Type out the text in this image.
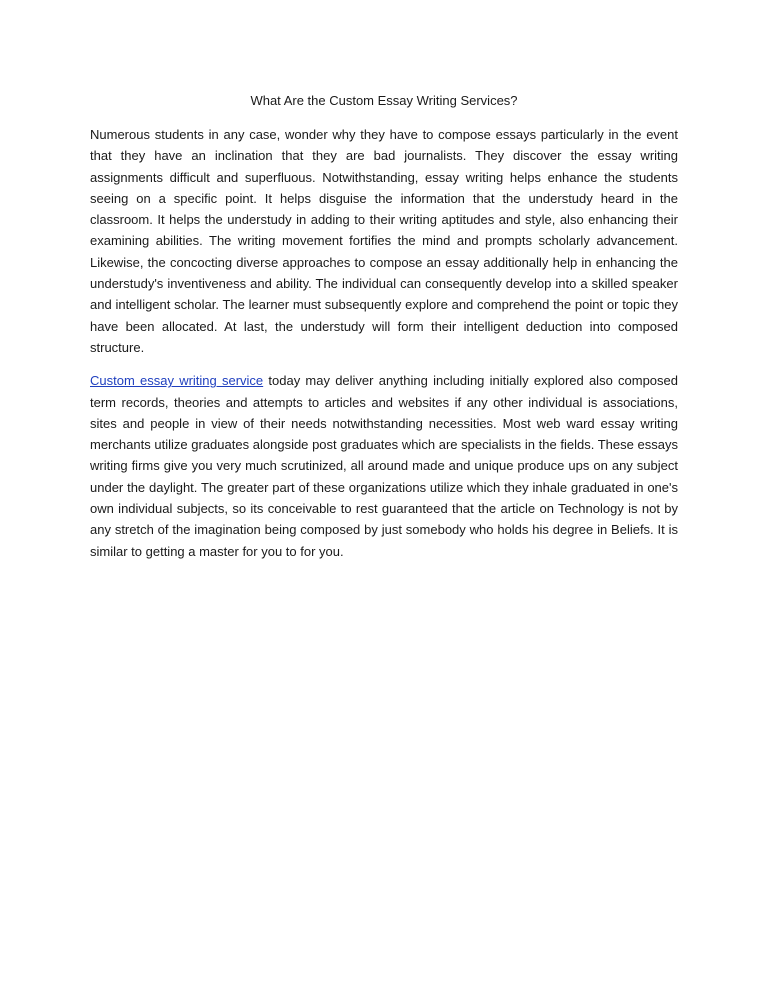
What Are the Custom Essay Writing Services?

Numerous students in any case, wonder why they have to compose essays particularly in the event that they have an inclination that they are bad journalists. They discover the essay writing assignments difficult and superfluous. Notwithstanding, essay writing helps enhance the students seeing on a specific point. It helps disguise the information that the understudy heard in the classroom. It helps the understudy in adding to their writing aptitudes and style, also enhancing their examining abilities. The writing movement fortifies the mind and prompts scholarly advancement. Likewise, the concocting diverse approaches to compose an essay additionally help in enhancing the understudy's inventiveness and ability. The individual can consequently develop into a skilled speaker and intelligent scholar. The learner must subsequently explore and comprehend the point or topic they have been allocated. At last, the understudy will form their intelligent deduction into composed structure.

Custom essay writing service today may deliver anything including initially explored also composed term records, theories and attempts to articles and websites if any other individual is associations, sites and people in view of their needs notwithstanding necessities. Most web ward essay writing merchants utilize graduates alongside post graduates which are specialists in the fields. These essays writing firms give you very much scrutinized, all around made and unique produce ups on any subject under the daylight. The greater part of these organizations utilize which they inhale graduated in one's own individual subjects, so its conceivable to rest guaranteed that the article on Technology is not by any stretch of the imagination being composed by just somebody who holds his degree in Beliefs. It is similar to getting a master for you to for you.
